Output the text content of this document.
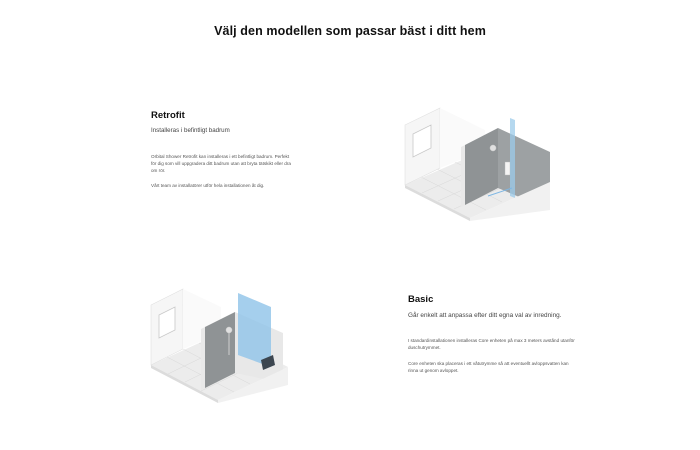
Välj den modellen som passar bäst i ditt hem
Retrofit

Installeras i befintligt badrum

Orbital Shower Retrofit kan installeras i ett befintligt badrum. Perfekt för dig som vill uppgradera ditt badrum utan att bryta tätskikt eller dra om rör.

Vårt team av installatörer utför hela installationen åt dig.

Basic

Går enkelt att anpassa efter ditt egna val av inredning.

I standardinstallationen installeras Core enheten på max 3 meters avstånd utanför duschutrymmet.

Core enheten ska placeras i ett våtutrymme så att eventuellt avloppsvatten kan rinna ut genom avloppet.
